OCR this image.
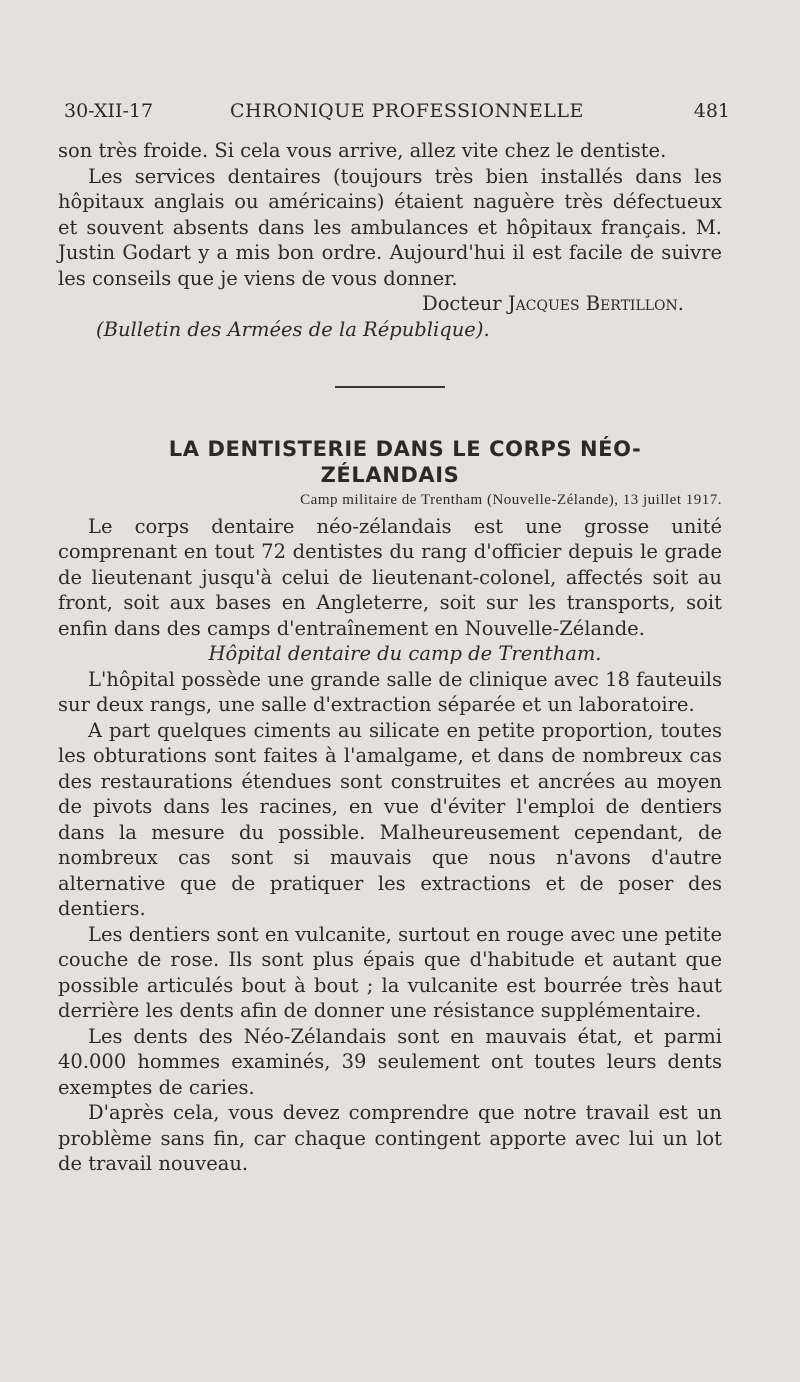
30-XII-17	CHRONIQUE PROFESSIONNELLE	481

son très froide. Si cela vous arrive, allez vite chez le dentiste.

Les services dentaires (toujours très bien installés dans les hôpitaux anglais ou américains) étaient naguère très défectueux et souvent absents dans les ambulances et hôpitaux français. M. Justin Godart y a mis bon ordre. Aujourd'hui il est facile de suivre les conseils que je viens de vous donner.

Docteur Jacques Bertillon.

(Bulletin des Armées de la République).

LA DENTISTERIE DANS LE CORPS NÉO-
ZÉLANDAIS

Camp militaire de Trentham (Nouvelle-Zélande), 13 juillet 1917.

Le corps dentaire néo-zélandais est une grosse unité comprenant en tout 72 dentistes du rang d'officier depuis le grade de lieutenant jusqu'à celui de lieutenant-colonel, affectés soit au front, soit aux bases en Angleterre, soit sur les transports, soit enfin dans des camps d'entraînement en Nouvelle-Zélande.

Hôpital dentaire du camp de Trentham.

L'hôpital possède une grande salle de clinique avec 18 fauteuils sur deux rangs, une salle d'extraction séparée et un laboratoire.

A part quelques ciments au silicate en petite proportion, toutes les obturations sont faites à l'amalgame, et dans de nombreux cas des restaurations étendues sont construites et ancrées au moyen de pivots dans les racines, en vue d'éviter l'emploi de dentiers dans la mesure du possible. Malheureusement cependant, de nombreux cas sont si mauvais que nous n'avons d'autre alternative que de pratiquer les extractions et de poser des dentiers.

Les dentiers sont en vulcanite, surtout en rouge avec une petite couche de rose. Ils sont plus épais que d'habitude et autant que possible articulés bout à bout ; la vulcanite est bourrée très haut derrière les dents afin de donner une résistance supplémentaire.

Les dents des Néo-Zélandais sont en mauvais état, et parmi 40.000 hommes examinés, 39 seulement ont toutes leurs dents exemptes de caries.

D'après cela, vous devez comprendre que notre travail est un problème sans fin, car chaque contingent apporte avec lui un lot de travail nouveau.
